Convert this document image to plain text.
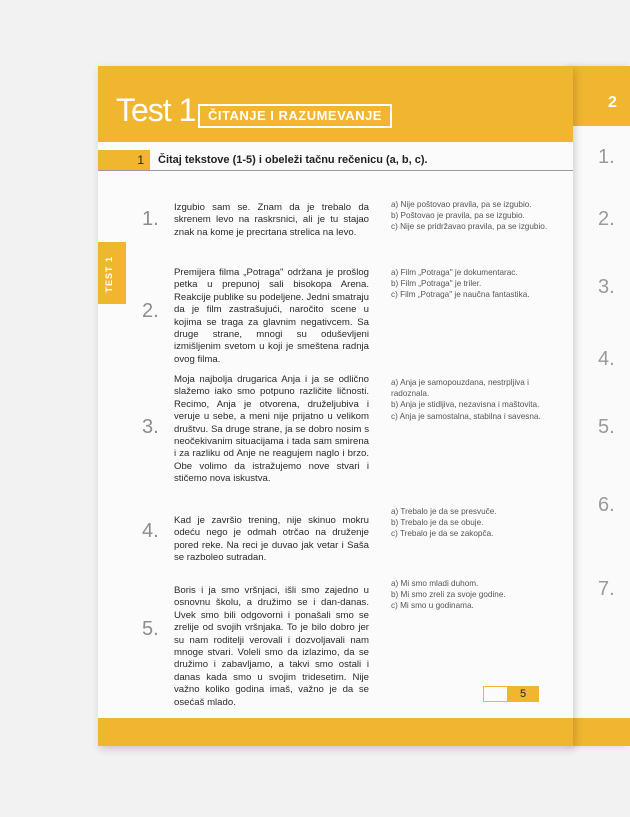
2
1.
2.
3.
4.
5.
6.
7.
Test 1 ČITANJE I RAZUMEVANJE
1	Čitaj tekstove (1-5) i obeleži tačnu rečenicu (a, b, c).
TEST 1
1.
Izgubio sam se. Znam da je trebalo da skrenem levo na raskrsnici, ali je tu stajao znak na kome je precrtana strelica na levo.
a) Nije poštovao pravila, pa se izgubio.
b) Poštovao je pravila, pa se izgubio.
c) Nije se pridržavao pravila, pa se izgubio.
2.
Premijera filma „Potraga" održana je prošlog petka u prepunoj sali bisokopa Arena. Reakcije publike su podeljene. Jedni smatraju da je film zastrašujući, naročito scene u kojima se traga za glavnim negativcem. Sa druge strane, mnogi su oduševljeni izmišljenim svetom u koji je smeštena radnja ovog filma.
a) Film „Potraga" je dokumentarac.
b) Film „Potraga" je triler.
c) Film „Potraga" je naučna fantastika.
3.
Moja najbolja drugarica Anja i ja se odlično slažemo iako smo potpuno različite ličnosti. Recimo, Anja je otvorena, druželjubiva i veruje u sebe, a meni nije prijatno u velikom društvu. Sa druge strane, ja se dobro nosim s neočekivanim situacijama i tada sam smirena i za razliku od Anje ne reagujem naglo i brzo. Obe volimo da istražujemo nove stvari i stičemo nova iskustva.
a) Anja je samopouzdana, nestrpljiva i radoznala.
b) Anja je stidljiva, nezavisna i maštovita.
c) Anja je samostalna, stabilna i savesna.
4. Kad je završio trening, nije skinuo mokru odeću nego je odmah otrčao na druženje pored reke. Na reci je duvao jak vetar i Saša se razboleo sutradan.
a) Trebalo je da se presvuče.
b) Trebalo je da se obuje.
c) Trebalo je da se zakopča.
5.
Boris i ja smo vršnjaci, išli smo zajedno u osnovnu školu, a družimo se i dan-danas. Uvek smo bili odgovorni i ponašali smo se zrelije od svojih vršnjaka. To je bilo dobro jer su nam roditelji verovali i dozvoljavali nam mnoge stvari. Voleli smo da izlazimo, da se družimo i zabavljamo, a takvi smo ostali i danas kada smo u svojim tridesetim. Nije važno koliko godina imaš, važno je da se osećaš mlado.
a) Mi smo mladi duhom.
b) Mi smo zreli za svoje godine.
c) Mi smo u godinama.
5
